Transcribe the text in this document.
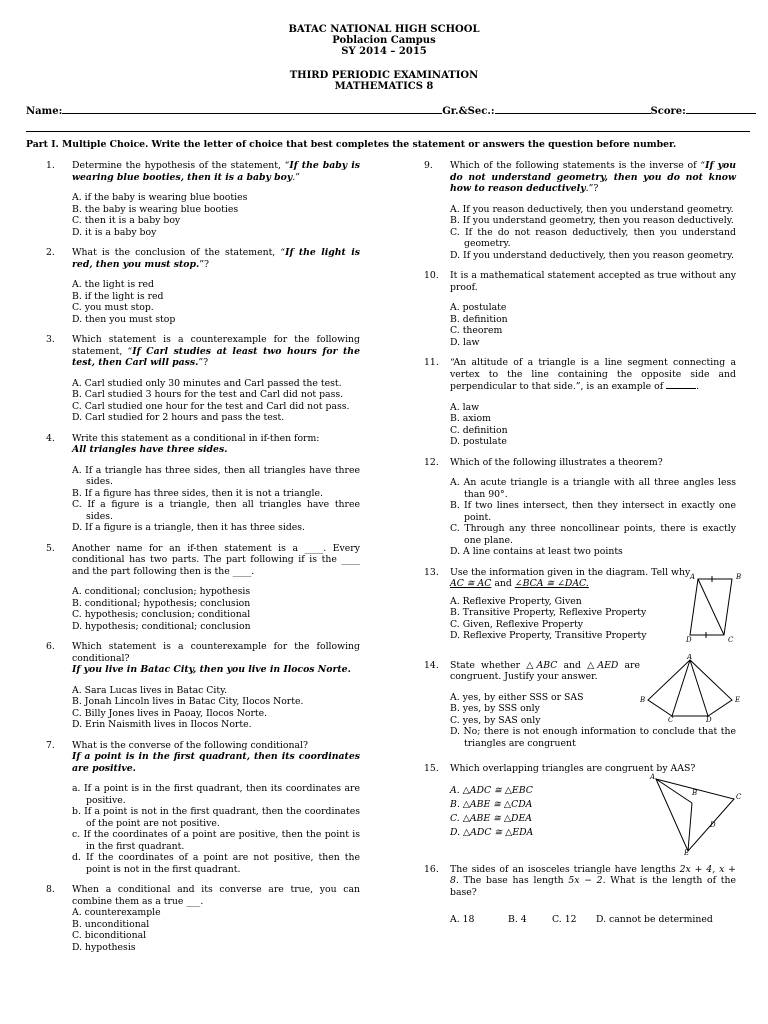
BATAC NATIONAL HIGH SCHOOL
Poblacion Campus
SY 2014 – 2015
THIRD PERIODIC EXAMINATION
MATHEMATICS 8
Name:	Gr.&Sec.:	Score:
Part I. Multiple Choice. Write the letter of choice that best completes the statement or answers the question before number.
1. Determine the hypothesis of the statement, “If the baby is wearing blue booties, then it is a baby boy.”
A. if the baby is wearing blue booties
B. the baby is wearing blue booties
C. then it is a baby boy
D. it is a baby boy
2. What is the conclusion of the statement, “If the light is red, then you must stop.”?
A. the light is red
B. if the light is red
C. you must stop.
D. then you must stop
3. Which statement is a counterexample for the following statement, “If Carl studies at least two hours for the test, then Carl will pass.”?
A. Carl studied only 30 minutes and Carl passed the test.
B. Carl studied 3 hours for the test and Carl did not pass.
C. Carl studied one hour for the test and Carl did not pass.
D. Carl studied for 2 hours and pass the test.
4. Write this statement as a conditional in if-then form:
All triangles have three sides.
A. If a triangle has three sides, then all triangles have three sides.
B. If a figure has three sides, then it is not a triangle.
C. If a figure is a triangle, then all triangles have three sides.
D. If a figure is a triangle, then it has three sides.
5. Another name for an if-then statement is a ____. Every conditional has two parts. The part following if is the ____ and the part following then is the ____.
A. conditional; conclusion; hypothesis
B. conditional; hypothesis; conclusion
C. hypothesis; conclusion; conditional
D. hypothesis; conditional; conclusion
6. Which statement is a counterexample for the following conditional?
If you live in Batac City, then you live in Ilocos Norte.
A. Sara Lucas lives in Batac City.
B. Jonah Lincoln lives in Batac City, Ilocos Norte.
C. Billy Jones lives in Paoay, Ilocos Norte.
D. Erin Naismith lives in Ilocos Norte.
7. What is the converse of the following conditional?
If a point is in the first quadrant, then its coordinates are positive.
a. If a point is in the first quadrant, then its coordinates are positive.
b. If a point is not in the first quadrant, then the coordinates of the point are not positive.
c. If the coordinates of a point are positive, then the point is in the first quadrant.
d. If the coordinates of a point are not positive, then the point is not in the first quadrant.
8. When a conditional and its converse are true, you can combine them as a true ___.
A. counterexample
B. unconditional
C. biconditional
D. hypothesis
9. Which of the following statements is the inverse of “If you do not understand geometry, then you do not know how to reason deductively.”?
A. If you reason deductively, then you understand geometry.
B. If you understand geometry, then you reason deductively.
C. If the do not reason deductively, then you understand geometry.
D. If you understand deductively, then you reason geometry.
10. It is a mathematical statement accepted as true without any proof.
A. postulate
B. definition
C. theorem
D. law
11. “An altitude of a triangle is a line segment connecting a vertex to the line containing the opposite side and perpendicular to that side.”, is an example of	.
A. law
B. axiom
C. definition
D. postulate
12. Which of the following illustrates a theorem?
A. An acute triangle is a triangle with all three angles less than 90°.
B. If two lines intersect, then they intersect in exactly one point.
C. Through any three noncollinear points, there is exactly one plane.
D. A line contains at least two points
13. Use the information given in the diagram. Tell why
AC ≅ AC and ∠BCA ≅ ∠DAC.
A. Reflexive Property, Given
B. Transitive Property, Reflexive Property
C. Given, Reflexive Property
D. Reflexive Property, Transitive Property
A	B
C
D
14. State whether △ABC and △AED are congruent. Justify your answer.
A. yes, by either SSS or SAS
B. yes, by SSS only
C. yes, by SAS only
D. No; there is not enough information to conclude that the triangles are congruent
A
B
C	D
E
15. Which overlapping triangles are congruent by AAS?
A. △ADC ≅ △EBC
B. △ABE ≅ △CDA
C. △ABE ≅ △DEA
D. △ADC ≅ △EDA
A
B	C
D
E
16. The sides of an isosceles triangle have lengths 2x + 4, x + 8. The base has length 5x − 2. What is the length of the base?
A. 18	B. 4	C. 12	D. cannot be determined
